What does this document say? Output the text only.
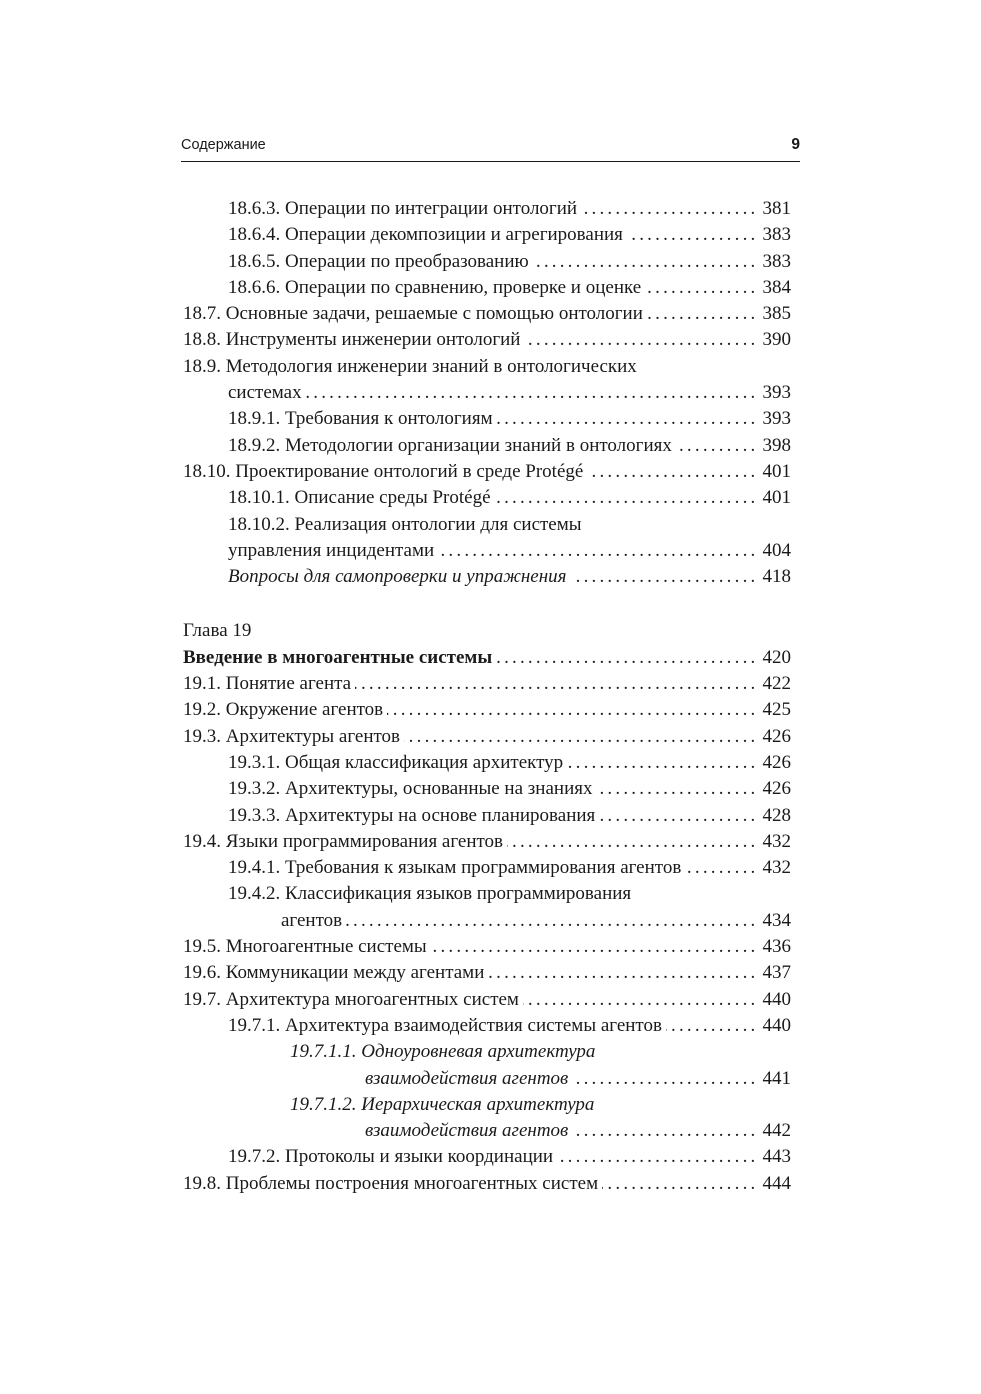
Содержание	9
18.6.3. Операции по интеграции онтологий .....	381
18.6.4. Операции декомпозиции и агрегирования .....	383
18.6.5. Операции по преобразованию .....	383
18.6.6. Операции по сравнению, проверке и оценке .....	384
18.7. Основные задачи, решаемые с помощью онтологии .....	385
18.8. Инструменты инженерии онтологий .....	390
18.9. Методология инженерии знаний в онтологических
системах .....	393
18.9.1. Требования к онтологиям .....	393
18.9.2. Методологии организации знаний в онтологиях .....	398
18.10. Проектирование онтологий в среде Protégé .....	401
18.10.1. Описание среды Protégé .....	401
18.10.2. Реализация онтологии для системы
управления инцидентами .....	404
Вопросы для самопроверки и упражнения .....	418
Глава 19
Введение в многоагентные системы .....	420
19.1. Понятие агента .....	422
19.2. Окружение агентов .....	425
19.3. Архитектуры агентов .....	426
19.3.1. Общая классификация архитектур .....	426
19.3.2. Архитектуры, основанные на знаниях .....	426
19.3.3. Архитектуры на основе планирования .....	428
19.4. Языки программирования агентов .....	432
19.4.1. Требования к языкам программирования агентов .....	432
19.4.2. Классификация языков программирования
агентов .....	434
19.5. Многоагентные системы .....	436
19.6. Коммуникации между агентами .....	437
19.7. Архитектура многоагентных систем .....	440
19.7.1. Архитектура взаимодействия системы агентов .....	440
19.7.1.1. Одноуровневая архитектура
взаимодействия агентов .....	441
19.7.1.2. Иерархическая архитектура
взаимодействия агентов .....	442
19.7.2. Протоколы и языки координации .....	443
19.8. Проблемы построения многоагентных систем .....	444
